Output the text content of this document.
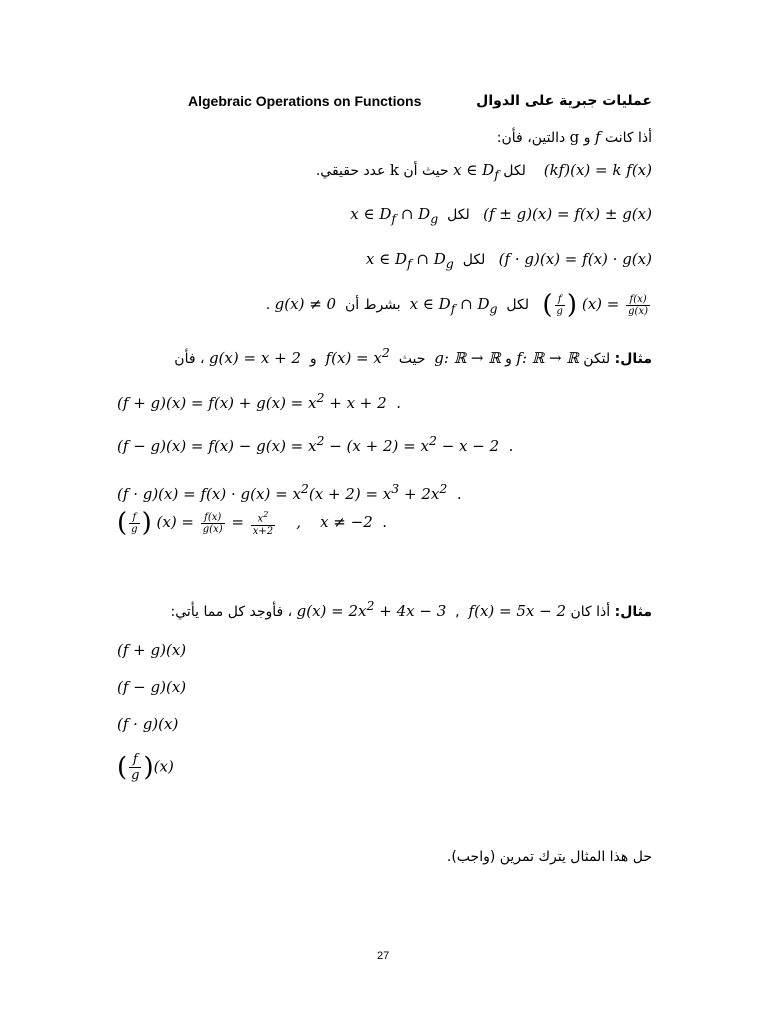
Algebraic Operations on Functions	عمليات جبرية على الدوال
أذا كانت f و g دالتين، فأن:
(kf)(x) = k f(x)    لكل x ∈ $D_f$ حيث أن k عدد حقيقي.
(f ± g)(x) = f(x) ± g(x)   لكل  x ∈ $D_f$ ∩ $D_g$
(f · g)(x) = f(x) · g(x)   لكل  x ∈ $D_f$ ∩ $D_g$
( $\frac{f}{g}$ ) $(x) = \frac{f(x)}{g(x)}$
لكل  x ∈ $D_f$ ∩ $D_g$  بشرط أن  g(x) ≠ 0 .
مثال: لتكن f: ℝ → ℝ و g: ℝ → ℝ  حيث  $f(x) = x^2$  و  g(x) = x + 2 ، فأن
$(f + g)(x) = f(x) + g(x) = x^2 + x + 2$  .
$(f - g)(x) = f(x) - g(x) = x^2 - (x + 2) = x^2 - x - 2$  .
$(f \cdot g)(x) = f(x) \cdot g(x) = x^2(x + 2) = x^3 + 2x^2$  .
( $\frac{f}{g}$ ) $(x) = \frac{f(x)}{g(x)} = \frac{x^2}{x+2}$ ,    x ≠ −2  .
مثال: أذا كان f(x) = 5x − 2  ,  $g(x) = 2x^2 + 4x - 3$ ، فأوجد كل مما يأتي:
(f + g)(x)
(f − g)(x)
(f · g)(x)
( $\frac{f}{g} )(x)$
حل هذا المثال يترك تمرين (واجب).
27
